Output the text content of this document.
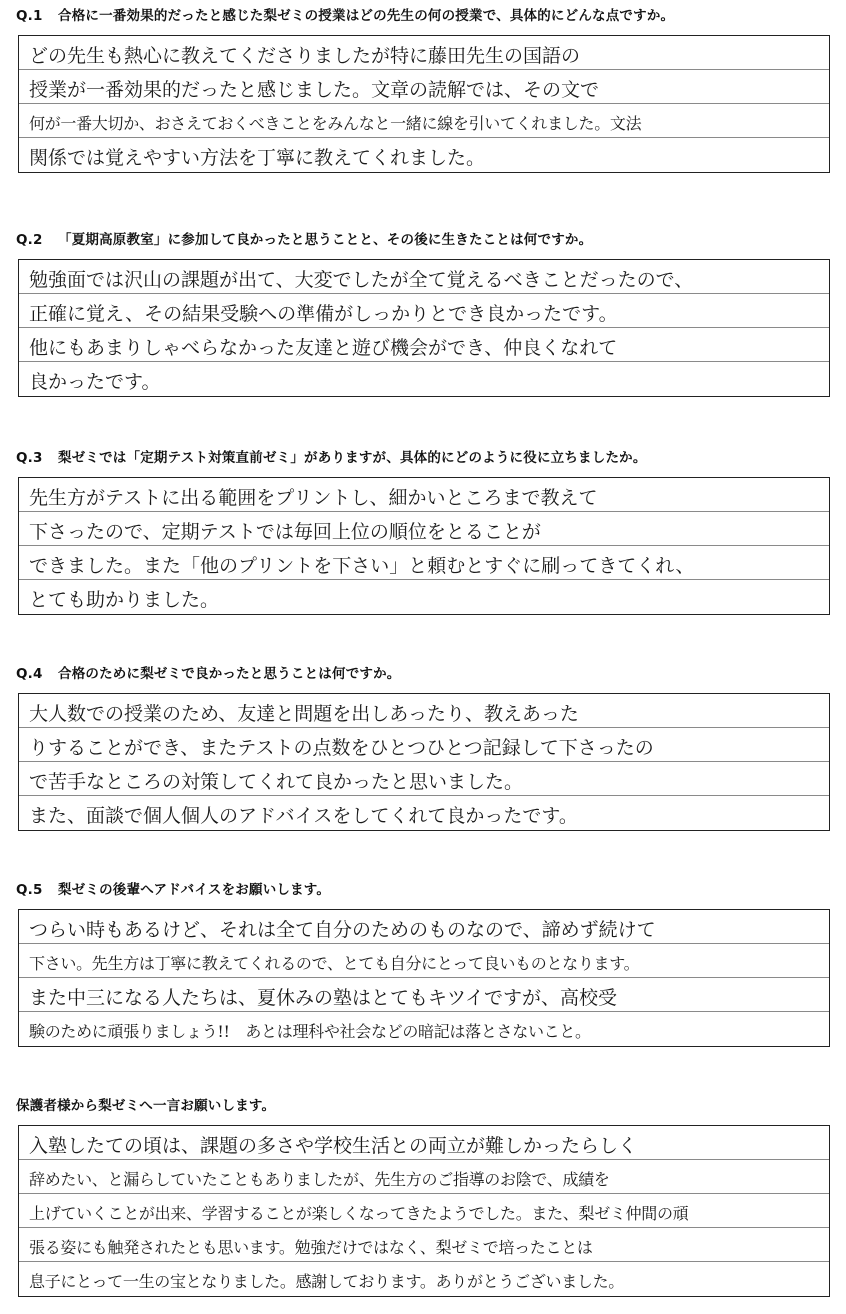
Q.1 合格に一番効果的だったと感じた梨ゼミの授業はどの先生の何の授業で、具体的にどんな点ですか。
どの先生も熱心に教えてくださりましたが特に藤田先生の国語の
授業が一番効果的だったと感じました。文章の読解では、その文で
何が一番大切か、おさえておくべきことをみんなと一緒に線を引いてくれました。文法
関係では覚えやすい方法を丁寧に教えてくれました。
Q.2 「夏期高原教室」に参加して良かったと思うことと、その後に生きたことは何ですか。
勉強面では沢山の課題が出て、大変でしたが全て覚えるべきことだったので、
正確に覚え、その結果受験への準備がしっかりとでき良かったです。
他にもあまりしゃべらなかった友達と遊び機会ができ、仲良くなれて
良かったです。
Q.3 梨ゼミでは「定期テスト対策直前ゼミ」がありますが、具体的にどのように役に立ちましたか。
先生方がテストに出る範囲をプリントし、細かいところまで教えて
下さったので、定期テストでは毎回上位の順位をとることが
できました。また「他のプリントを下さい」と頼むとすぐに刷ってきてくれ、
とても助かりました。
Q.4 合格のために梨ゼミで良かったと思うことは何ですか。
大人数での授業のため、友達と問題を出しあったり、教えあった
りすることができ、またテストの点数をひとつひとつ記録して下さったの
で苦手なところの対策してくれて良かったと思いました。
また、面談で個人個人のアドバイスをしてくれて良かったです。
Q.5 梨ゼミの後輩へアドバイスをお願いします。
つらい時もあるけど、それは全て自分のためのものなので、諦めず続けて
下さい。先生方は丁寧に教えてくれるので、とても自分にとって良いものとなります。
また中三になる人たちは、夏休みの塾はとてもキツイですが、高校受
験のために頑張りましょう!!　あとは理科や社会などの暗記は落とさないこと。
保護者様から梨ゼミへ一言お願いします。
入塾したての頃は、課題の多さや学校生活との両立が難しかったらしく
辞めたい、と漏らしていたこともありましたが、先生方のご指導のお陰で、成績を
上げていくことが出来、学習することが楽しくなってきたようでした。また、梨ゼミ仲間の頑
張る姿にも触発されたとも思います。勉強だけではなく、梨ゼミで培ったことは
息子にとって一生の宝となりました。感謝しております。ありがとうございました。
